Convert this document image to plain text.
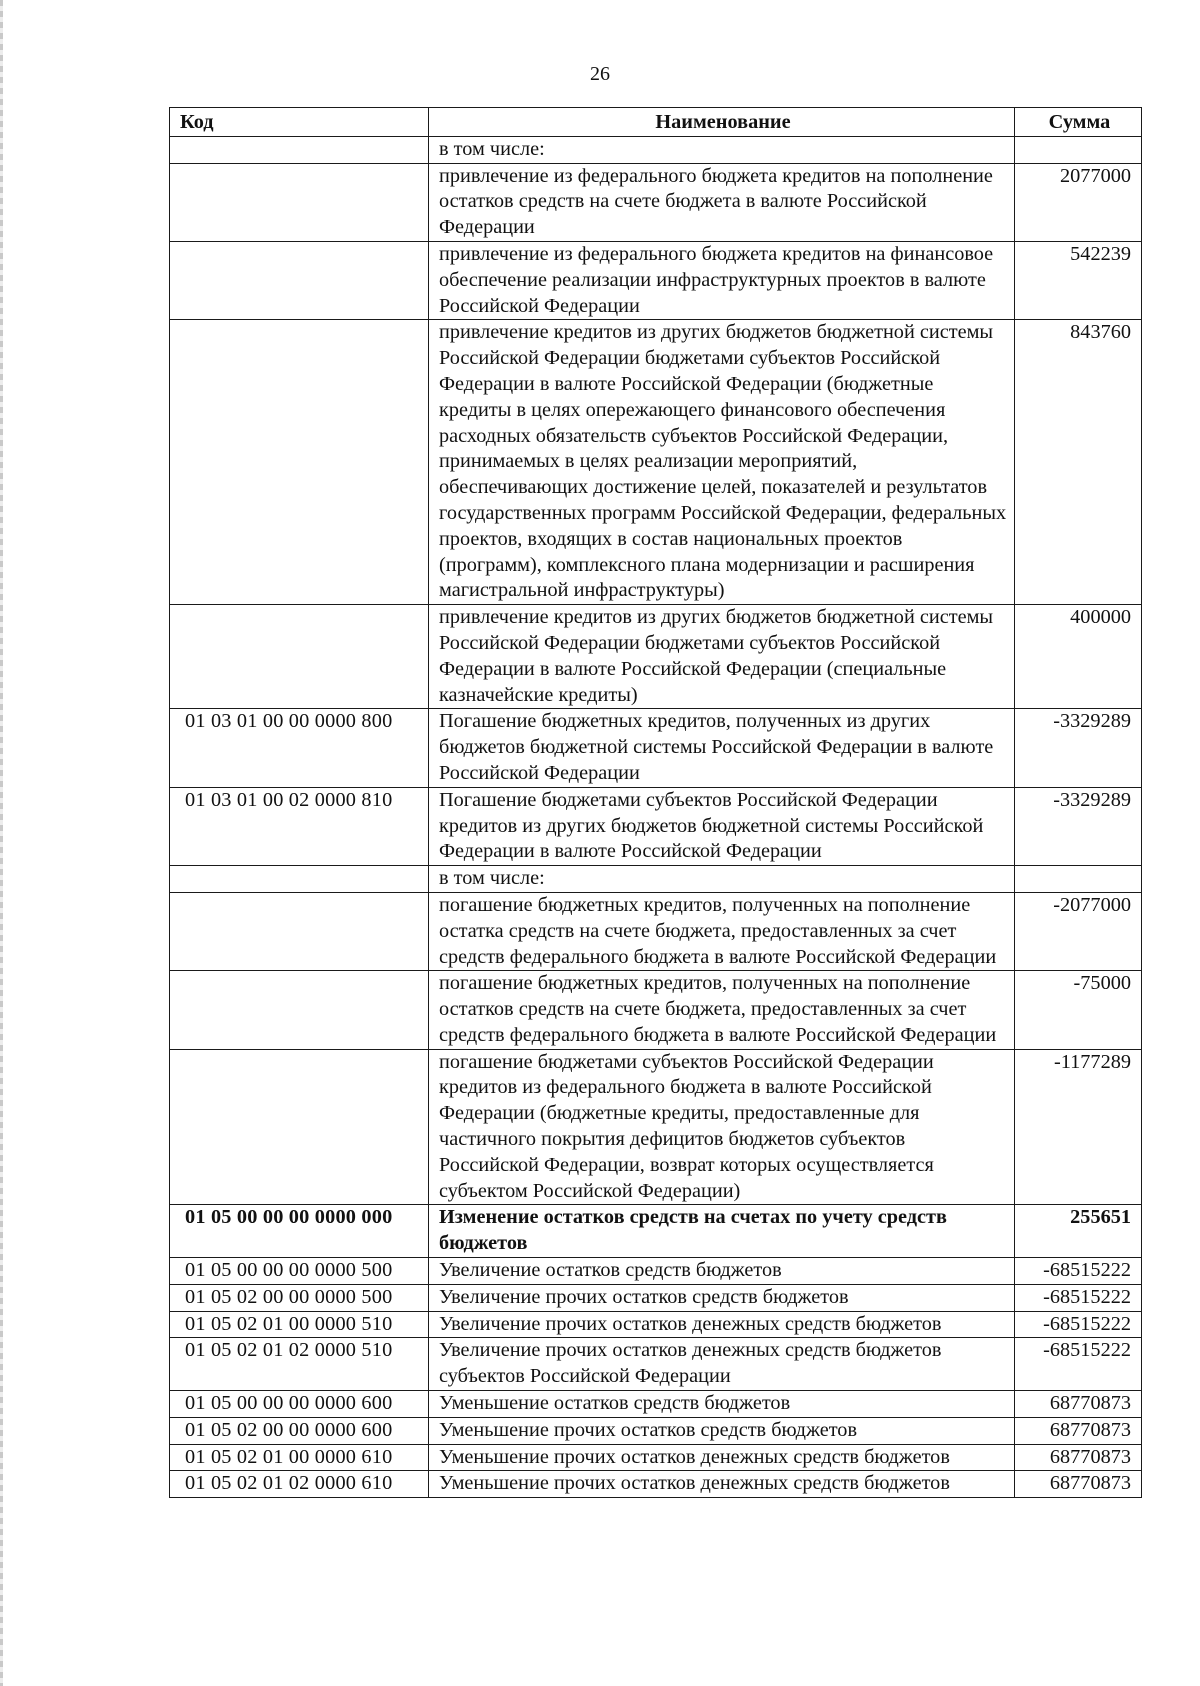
26
Код	Наименование	Сумма
	в том числе:	
	привлечение из федерального бюджета кредитов на пополнение остатков средств на счете бюджета в валюте Российской Федерации	2077000
	привлечение из федерального бюджета кредитов на финансовое обеспечение реализации инфраструктурных проектов в валюте Российской Федерации	542239
	привлечение кредитов из других бюджетов бюджетной системы Российской Федерации бюджетами субъектов Российской Федерации в валюте Российской Федерации (бюджетные кредиты в целях опережающего финансового обеспечения расходных обязательств субъектов Российской Федерации, принимаемых в целях реализации мероприятий, обеспечивающих достижение целей, показателей и результатов государственных программ Российской Федерации, федеральных проектов, входящих в состав национальных проектов (программ), комплексного плана модернизации и расширения магистральной инфраструктуры)	843760
	привлечение кредитов из других бюджетов бюджетной системы Российской Федерации бюджетами субъектов Российской Федерации в валюте Российской Федерации (специальные казначейские кредиты)	400000
01 03 01 00 00 0000 800	Погашение бюджетных кредитов, полученных из других бюджетов бюджетной системы Российской Федерации в валюте Российской Федерации	-3329289
01 03 01 00 02 0000 810	Погашение бюджетами субъектов Российской Федерации кредитов из других бюджетов бюджетной системы Российской Федерации в валюте Российской Федерации	-3329289
	в том числе:	
	погашение бюджетных кредитов, полученных на пополнение остатка средств на счете бюджета, предоставленных за счет средств федерального бюджета в валюте Российской Федерации	-2077000
	погашение бюджетных кредитов, полученных на пополнение остатков средств на счете бюджета, предоставленных за счет средств федерального бюджета в валюте Российской Федерации	-75000
	погашение бюджетами субъектов Российской Федерации кредитов из федерального бюджета в валюте Российской Федерации (бюджетные кредиты, предоставленные для частичного покрытия дефицитов бюджетов субъектов Российской Федерации, возврат которых осуществляется субъектом Российской Федерации)	-1177289
01 05 00 00 00 0000 000	Изменение остатков средств на счетах по учету средств бюджетов	255651
01 05 00 00 00 0000 500	Увеличение остатков средств бюджетов	-68515222
01 05 02 00 00 0000 500	Увеличение прочих остатков средств бюджетов	-68515222
01 05 02 01 00 0000 510	Увеличение прочих остатков денежных средств бюджетов	-68515222
01 05 02 01 02 0000 510	Увеличение прочих остатков денежных средств бюджетов субъектов Российской Федерации	-68515222
01 05 00 00 00 0000 600	Уменьшение остатков средств бюджетов	68770873
01 05 02 00 00 0000 600	Уменьшение прочих остатков средств бюджетов	68770873
01 05 02 01 00 0000 610	Уменьшение прочих остатков денежных средств бюджетов	68770873
01 05 02 01 02 0000 610	Уменьшение прочих остатков денежных средств бюджетов	68770873
